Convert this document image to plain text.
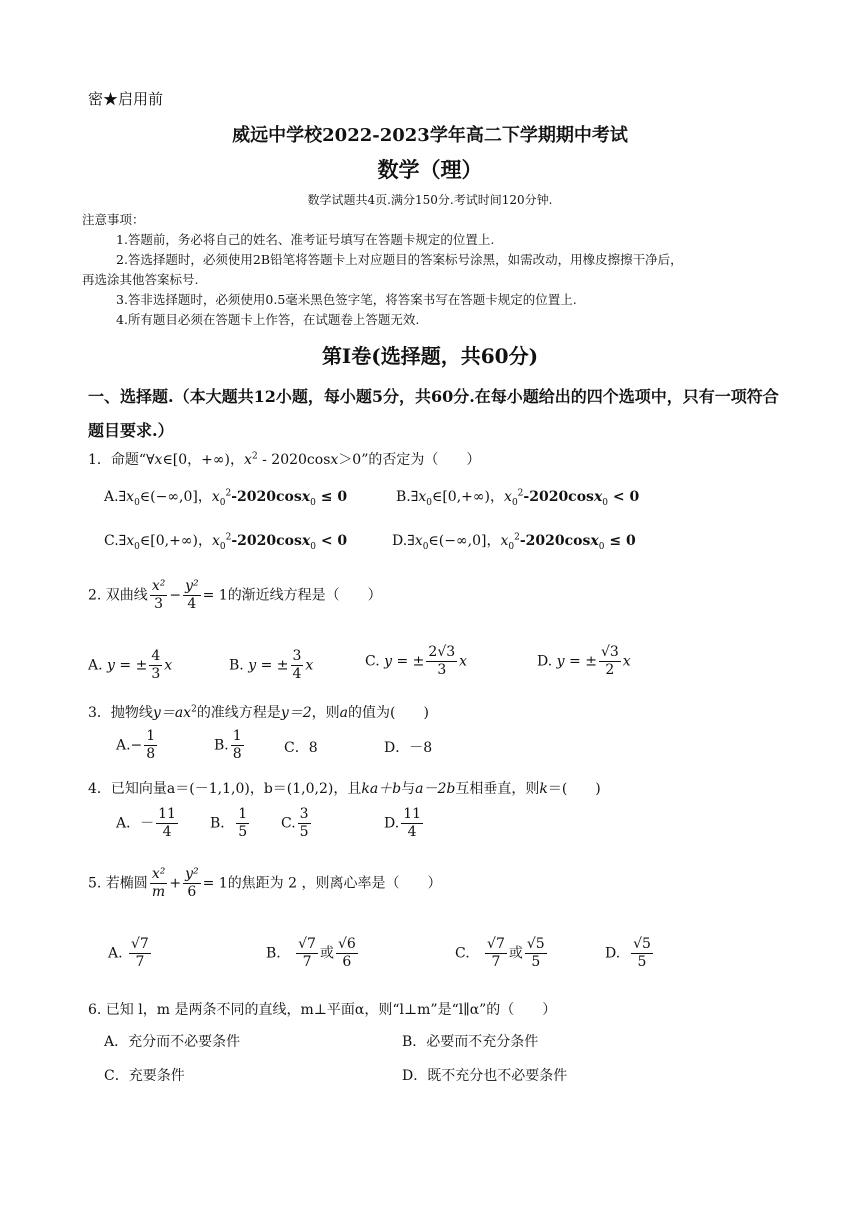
密★启用前
威远中学校2022-2023学年高二下学期期中考试
数学（理）
数学试题共4页.满分150分.考试时间120分钟.
注意事项：
1.答题前，务必将自己的姓名、准考证号填写在答题卡规定的位置上.
2.答选择题时，必须使用2B铅笔将答题卡上对应题目的答案标号涂黑，如需改动，用橡皮擦擦干净后，
再选涂其他答案标号.
3.答非选择题时，必须使用0.5毫米黑色签字笔，将答案书写在答题卡规定的位置上.
4.所有题目必须在答题卡上作答，在试题卷上答题无效.
第Ⅰ卷(选择题，共60分)
一、选择题.（本大题共12小题，每小题5分，共60分.在每小题给出的四个选项中，只有一项符合题目要求.）
1．命题“∀x∈[0，+∞)，$x^2 - 2020\cos x>0$”的否定为（　　）
$A.\exists x_0\in(-\infty,0]$，$x_0^2-2020\cos x_0 \le 0$	$B.\exists x_0\in[0,+\infty)$，$x_0^2-2020\cos x_0 < 0$
$C.\exists x_0\in[0,+\infty)$，$x_0^2-2020\cos x_0 < 0$	$D.\exists x_0\in(-\infty,0]$，$x_0^2-2020\cos x_0 \le 0$
2. 双曲线 $\frac{\text{x²}}{3} - \frac{\text{y²}}{4} = 1$的渐近线方程是（　　）
A. y = ± $\frac{4}{3}$ x	B. y = ± $\frac{3}{4}$ x	C. y = ± $\frac{2√3}{3}$ x	D. y = ± $\frac{√3}{2}$ x
3．抛物线$y=ax^2$的准线方程是y＝2，则a的值为(　　)
$A.- \frac{1}{8}$	B. $\frac{1}{8}$	C．8	D．－8
4．已知向量a＝(－1,1,0)，b＝(1,0,2)，且ka＋b与a－2b互相垂直，则k＝(　　)
A．－ $\frac{11}{4}$ B． $\frac{1}{5} C$. $\frac{3}{5}$	D. $\frac{11}{4}$
5. 若椭圆 $\frac{\text{x²}}{m} + \frac{\text{y²}}{6} = 1$的焦距为 2 ，则离心率是（　　）
A. $\frac{√7}{7}$	B. $\frac{√7}{7}$ 或 $\frac{√6}{6}$	C. $\frac{√7}{7}$ 或 $\frac{√5}{5}$	D. $\frac{√5}{5}$
6. 已知 l，m 是两条不同的直线，m⊥平面α，则“l⊥m”是“l∥α”的（　　）
A．充分而不必要条件	B．必要而不充分条件
C．充要条件	D．既不充分也不必要条件
